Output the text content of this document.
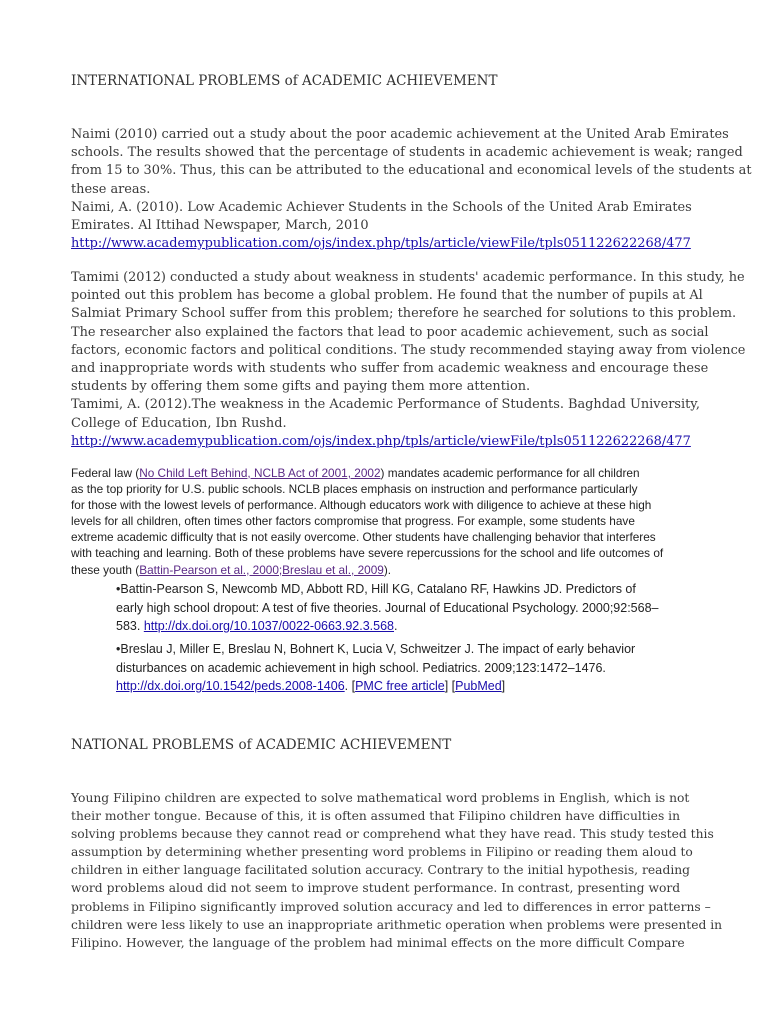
INTERNATIONAL PROBLEMS of ACADEMIC ACHIEVEMENT
Naimi (2010) carried out a study about the poor academic achievement at the United Arab Emirates
schools. The results showed that the percentage of students in academic achievement is weak; ranged
from 15 to 30%. Thus, this can be attributed to the educational and economical levels of the students at
these areas.
Naimi, A. (2010). Low Academic Achiever Students in the Schools of the United Arab Emirates
Emirates. Al Ittihad Newspaper, March, 2010
http://www.academypublication.com/ojs/index.php/tpls/article/viewFile/tpls051122622268/477
Tamimi (2012) conducted a study about weakness in students' academic performance. In this study, he
pointed out this problem has become a global problem. He found that the number of pupils at Al
Salmiat Primary School suffer from this problem; therefore he searched for solutions to this problem.
The researcher also explained the factors that lead to poor academic achievement, such as social
factors, economic factors and political conditions. The study recommended staying away from violence
and inappropriate words with students who suffer from academic weakness and encourage these
students by offering them some gifts and paying them more attention.
Tamimi, A. (2012).The weakness in the Academic Performance of Students. Baghdad University,
College of Education, Ibn Rushd.
http://www.academypublication.com/ojs/index.php/tpls/article/viewFile/tpls051122622268/477
Federal law (No Child Left Behind, NCLB Act of 2001, 2002) mandates academic performance for all children
as the top priority for U.S. public schools. NCLB places emphasis on instruction and performance particularly
for those with the lowest levels of performance. Although educators work with diligence to achieve at these high
levels for all children, often times other factors compromise that progress. For example, some students have
extreme academic difficulty that is not easily overcome. Other students have challenging behavior that interferes
with teaching and learning. Both of these problems have severe repercussions for the school and life outcomes of
these youth (Battin-Pearson et al., 2000;Breslau et al., 2009).
•Battin-Pearson S, Newcomb MD, Abbott RD, Hill KG, Catalano RF, Hawkins JD. Predictors of
early high school dropout: A test of five theories. Journal of Educational Psychology. 2000;92:568–
583. http://dx.doi.org/10.1037/0022-0663.92.3.568.
•Breslau J, Miller E, Breslau N, Bohnert K, Lucia V, Schweitzer J. The impact of early behavior
disturbances on academic achievement in high school. Pediatrics. 2009;123:1472–1476.
http://dx.doi.org/10.1542/peds.2008-1406. [PMC free article] [PubMed]
NATIONAL PROBLEMS of ACADEMIC ACHIEVEMENT
Young Filipino children are expected to solve mathematical word problems in English, which is not
their mother tongue. Because of this, it is often assumed that Filipino children have difficulties in
solving problems because they cannot read or comprehend what they have read. This study tested this
assumption by determining whether presenting word problems in Filipino or reading them aloud to
children in either language facilitated solution accuracy. Contrary to the initial hypothesis, reading
word problems aloud did not seem to improve student performance. In contrast, presenting word
problems in Filipino significantly improved solution accuracy and led to differences in error patterns –
children were less likely to use an inappropriate arithmetic operation when problems were presented in
Filipino. However, the language of the problem had minimal effects on the more difficult Compare
